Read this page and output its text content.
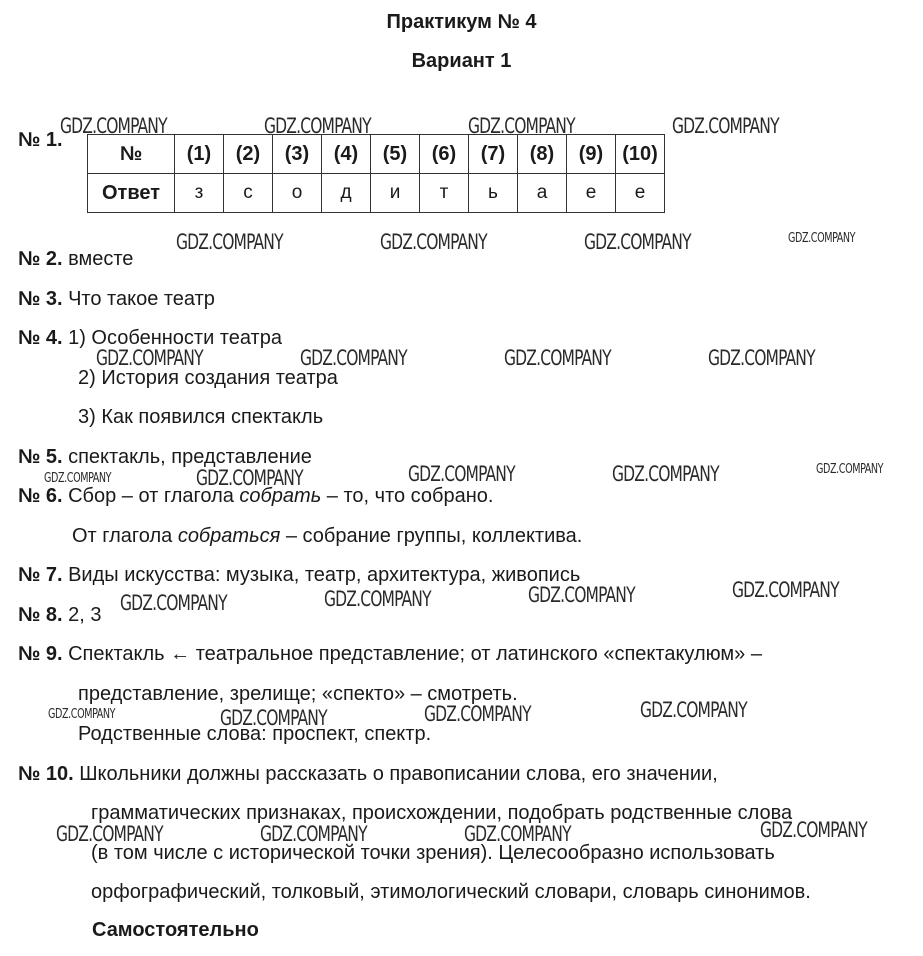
Практикум № 4
Вариант 1
№ 1.
№	(1)	(2)	(3)	(4)	(5)	(6)	(7)	(8)	(9)	(10)
Ответ	з	с	о	д	и	т	ь	а	е	е
№ 2. вместе
№ 3. Что такое театр
№ 4. 1) Особенности театра
2) История создания театра
3) Как появился спектакль
№ 5. спектакль, представление
№ 6. Сбор – от глагола собрать – то, что собрано.
От глагола собраться – собрание группы, коллектива.
№ 7. Виды искусства: музыка, театр, архитектура, живопись
№ 8. 2, 3
№ 9. Спектакль ← театральное представление; от латинского «спектакулюм» –
представление, зрелище; «спекто» – смотреть.
Родственные слова: проспект, спектр.
№ 10. Школьники должны рассказать о правописании слова, его значении,
грамматических признаках, происхождении, подобрать родственные слова
(в том числе с исторической точки зрения). Целесообразно использовать
орфографический, толковый, этимологический словари, словарь синонимов.
Самостоятельно
GDZ.COMPANY	GDZ.COMPANY	GDZ.COMPANY	GDZ.COMPANY
GDZ.COMPANY	GDZ.COMPANY	GDZ.COMPANY	GDZ.COMPANY
GDZ.COMPANY	GDZ.COMPANY	GDZ.COMPANY	GDZ.COMPANY
GDZ.COMPANY	GDZ.COMPANY	GDZ.COMPANY	GDZ.COMPANY	GDZ.COMPANY
GDZ.COMPANY	GDZ.COMPANY	GDZ.COMPANY	GDZ.COMPANY
GDZ.COMPANY	GDZ.COMPANY	GDZ.COMPANY	GDZ.COMPANY
GDZ.COMPANY	GDZ.COMPANY	GDZ.COMPANY	GDZ.COMPANY
